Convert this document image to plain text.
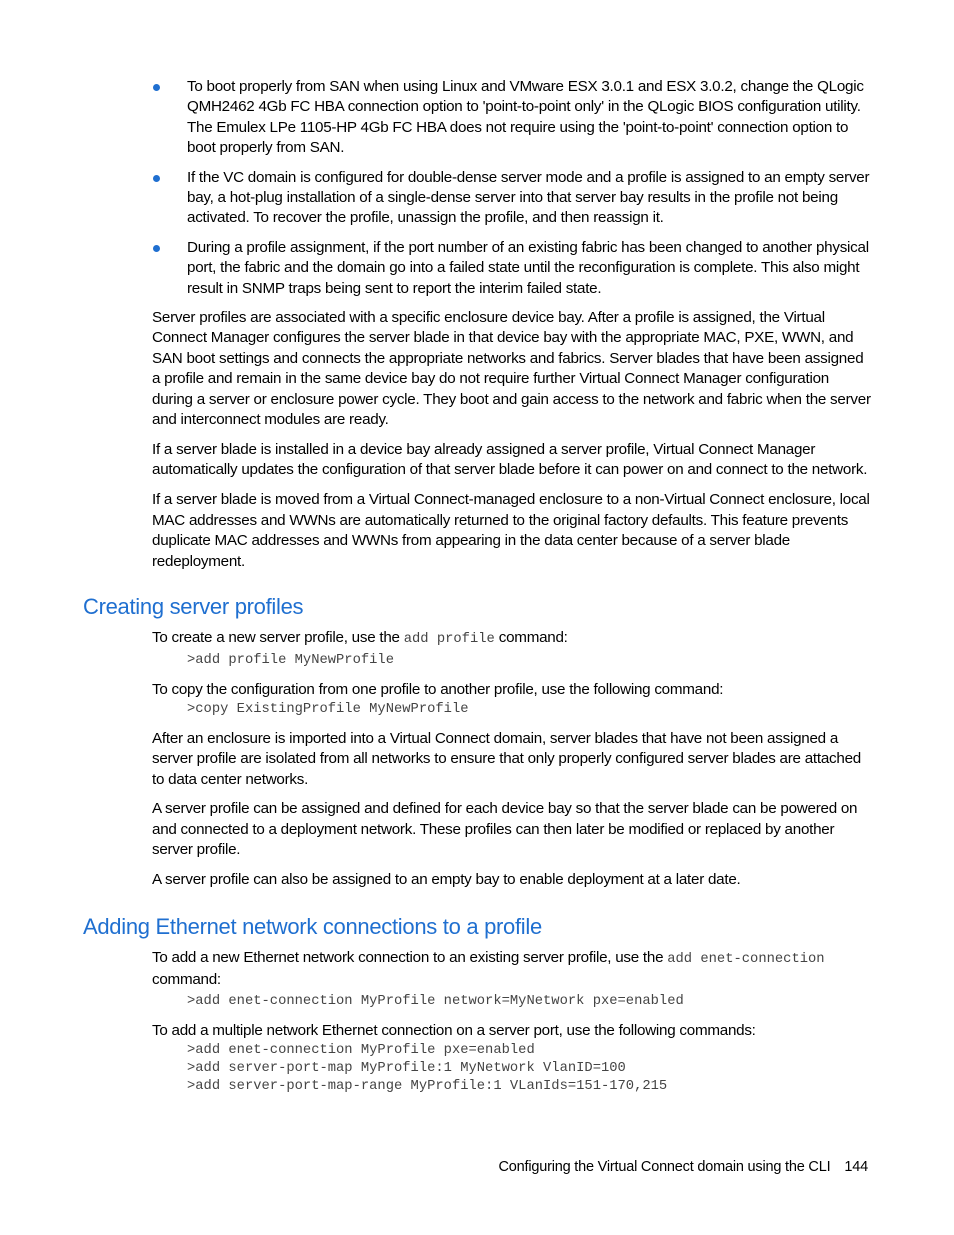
To boot properly from SAN when using Linux and VMware ESX 3.0.1 and ESX 3.0.2, change the QLogic QMH2462 4Gb FC HBA connection option to 'point-to-point only' in the QLogic BIOS configuration utility. The Emulex LPe 1105-HP 4Gb FC HBA does not require using the 'point-to-point' connection option to boot properly from SAN.
If the VC domain is configured for double-dense server mode and a profile is assigned to an empty server bay, a hot-plug installation of a single-dense server into that server bay results in the profile not being activated. To recover the profile, unassign the profile, and then reassign it.
During a profile assignment, if the port number of an existing fabric has been changed to another physical port, the fabric and the domain go into a failed state until the reconfiguration is complete. This also might result in SNMP traps being sent to report the interim failed state.

Server profiles are associated with a specific enclosure device bay. After a profile is assigned, the Virtual Connect Manager configures the server blade in that device bay with the appropriate MAC, PXE, WWN, and SAN boot settings and connects the appropriate networks and fabrics. Server blades that have been assigned a profile and remain in the same device bay do not require further Virtual Connect Manager configuration during a server or enclosure power cycle. They boot and gain access to the network and fabric when the server and interconnect modules are ready.

If a server blade is installed in a device bay already assigned a server profile, Virtual Connect Manager automatically updates the configuration of that server blade before it can power on and connect to the network.

If a server blade is moved from a Virtual Connect-managed enclosure to a non-Virtual Connect enclosure, local MAC addresses and WWNs are automatically returned to the original factory defaults. This feature prevents duplicate MAC addresses and WWNs from appearing in the data center because of a server blade redeployment.

Creating server profiles

To create a new server profile, use the add profile command:

>add profile MyNewProfile

To copy the configuration from one profile to another profile, use the following command:

>copy ExistingProfile MyNewProfile

After an enclosure is imported into a Virtual Connect domain, server blades that have not been assigned a server profile are isolated from all networks to ensure that only properly configured server blades are attached to data center networks.

A server profile can be assigned and defined for each device bay so that the server blade can be powered on and connected to a deployment network. These profiles can then later be modified or replaced by another server profile.

A server profile can also be assigned to an empty bay to enable deployment at a later date.

Adding Ethernet network connections to a profile

To add a new Ethernet network connection to an existing server profile, use the add enet-connection command:

>add enet-connection MyProfile network=MyNetwork pxe=enabled

To add a multiple network Ethernet connection on a server port, use the following commands:

>add enet-connection MyProfile pxe=enabled
>add server-port-map MyProfile:1 MyNetwork VlanID=100
>add server-port-map-range MyProfile:1 VLanIds=151-170,215
Configuring the Virtual Connect domain using the CLI 144
